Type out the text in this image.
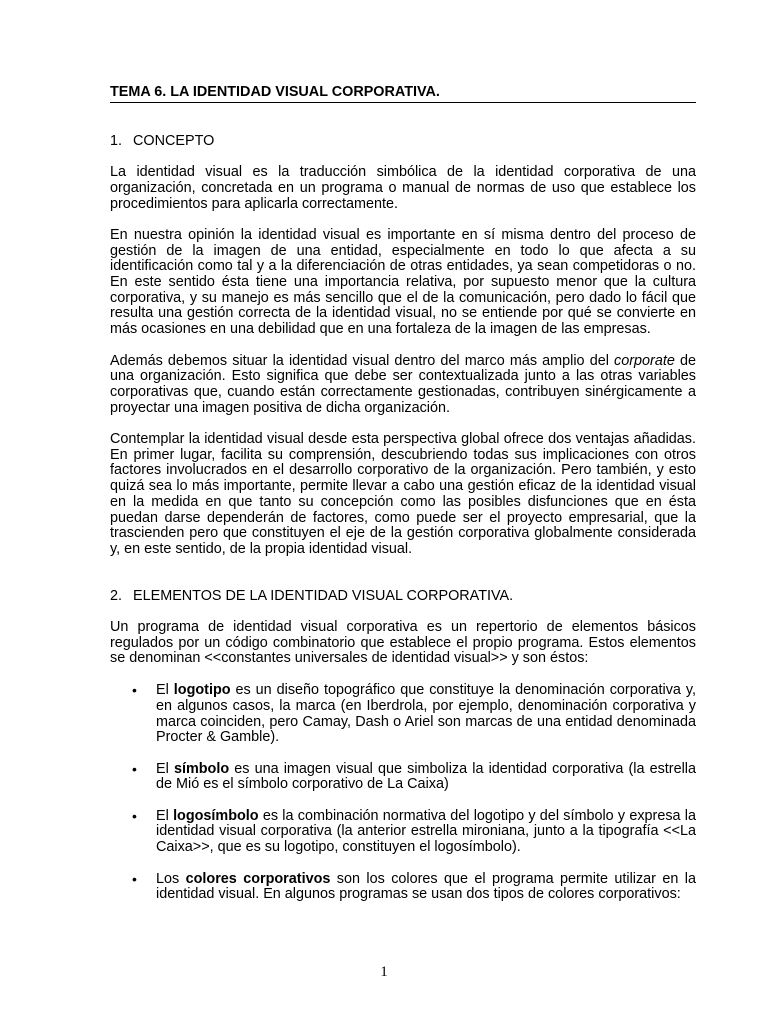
TEMA 6. LA IDENTIDAD VISUAL CORPORATIVA.
1. CONCEPTO

La identidad visual es la traducción simbólica de la identidad corporativa de una organización, concretada en un programa o manual de normas de uso que establece los procedimientos para aplicarla correctamente.

En nuestra opinión la identidad visual es importante en sí misma dentro del proceso de gestión de la imagen de una entidad, especialmente en todo lo que afecta a su identificación como tal y a la diferenciación de otras entidades, ya sean competidoras o no. En este sentido ésta tiene una importancia relativa, por supuesto menor que la cultura corporativa, y su manejo es más sencillo que el de la comunicación, pero dado lo fácil que resulta una gestión correcta de la identidad visual, no se entiende por qué se convierte en más ocasiones en una debilidad que en una fortaleza de la imagen de las empresas.

Además debemos situar la identidad visual dentro del marco más amplio del corporate de una organización. Esto significa que debe ser contextualizada junto a las otras variables corporativas que, cuando están correctamente gestionadas, contribuyen sinérgicamente a proyectar una imagen positiva de dicha organización.

Contemplar la identidad visual desde esta perspectiva global ofrece dos ventajas añadidas. En primer lugar, facilita su comprensión, descubriendo todas sus implicaciones con otros factores involucrados en el desarrollo corporativo de la organización. Pero también, y esto quizá sea lo más importante, permite llevar a cabo una gestión eficaz de la identidad visual en la medida en que tanto su concepción como las posibles disfunciones que en ésta puedan darse dependerán de factores, como puede ser el proyecto empresarial, que la trascienden pero que constituyen el eje de la gestión corporativa globalmente considerada y, en este sentido, de la propia identidad visual.

2. ELEMENTOS DE LA IDENTIDAD VISUAL CORPORATIVA.

Un programa de identidad visual corporativa es un repertorio de elementos básicos regulados por un código combinatorio que establece el propio programa. Estos elementos se denominan <<constantes universales de identidad visual>> y son éstos:

• El logotipo es un diseño topográfico que constituye la denominación corporativa y, en algunos casos, la marca (en Iberdrola, por ejemplo, denominación corporativa y marca coinciden, pero Camay, Dash o Ariel son marcas de una entidad denominada Procter & Gamble).
• El símbolo es una imagen visual que simboliza la identidad corporativa (la estrella de Mió es el símbolo corporativo de La Caixa)
• El logosímbolo es la combinación normativa del logotipo y del símbolo y expresa la identidad visual corporativa (la anterior estrella mironiana, junto a la tipografía <<La Caixa>>, que es su logotipo, constituyen el logosímbolo).
• Los colores corporativos son los colores que el programa permite utilizar en la identidad visual. En algunos programas se usan dos tipos de colores corporativos:
1
